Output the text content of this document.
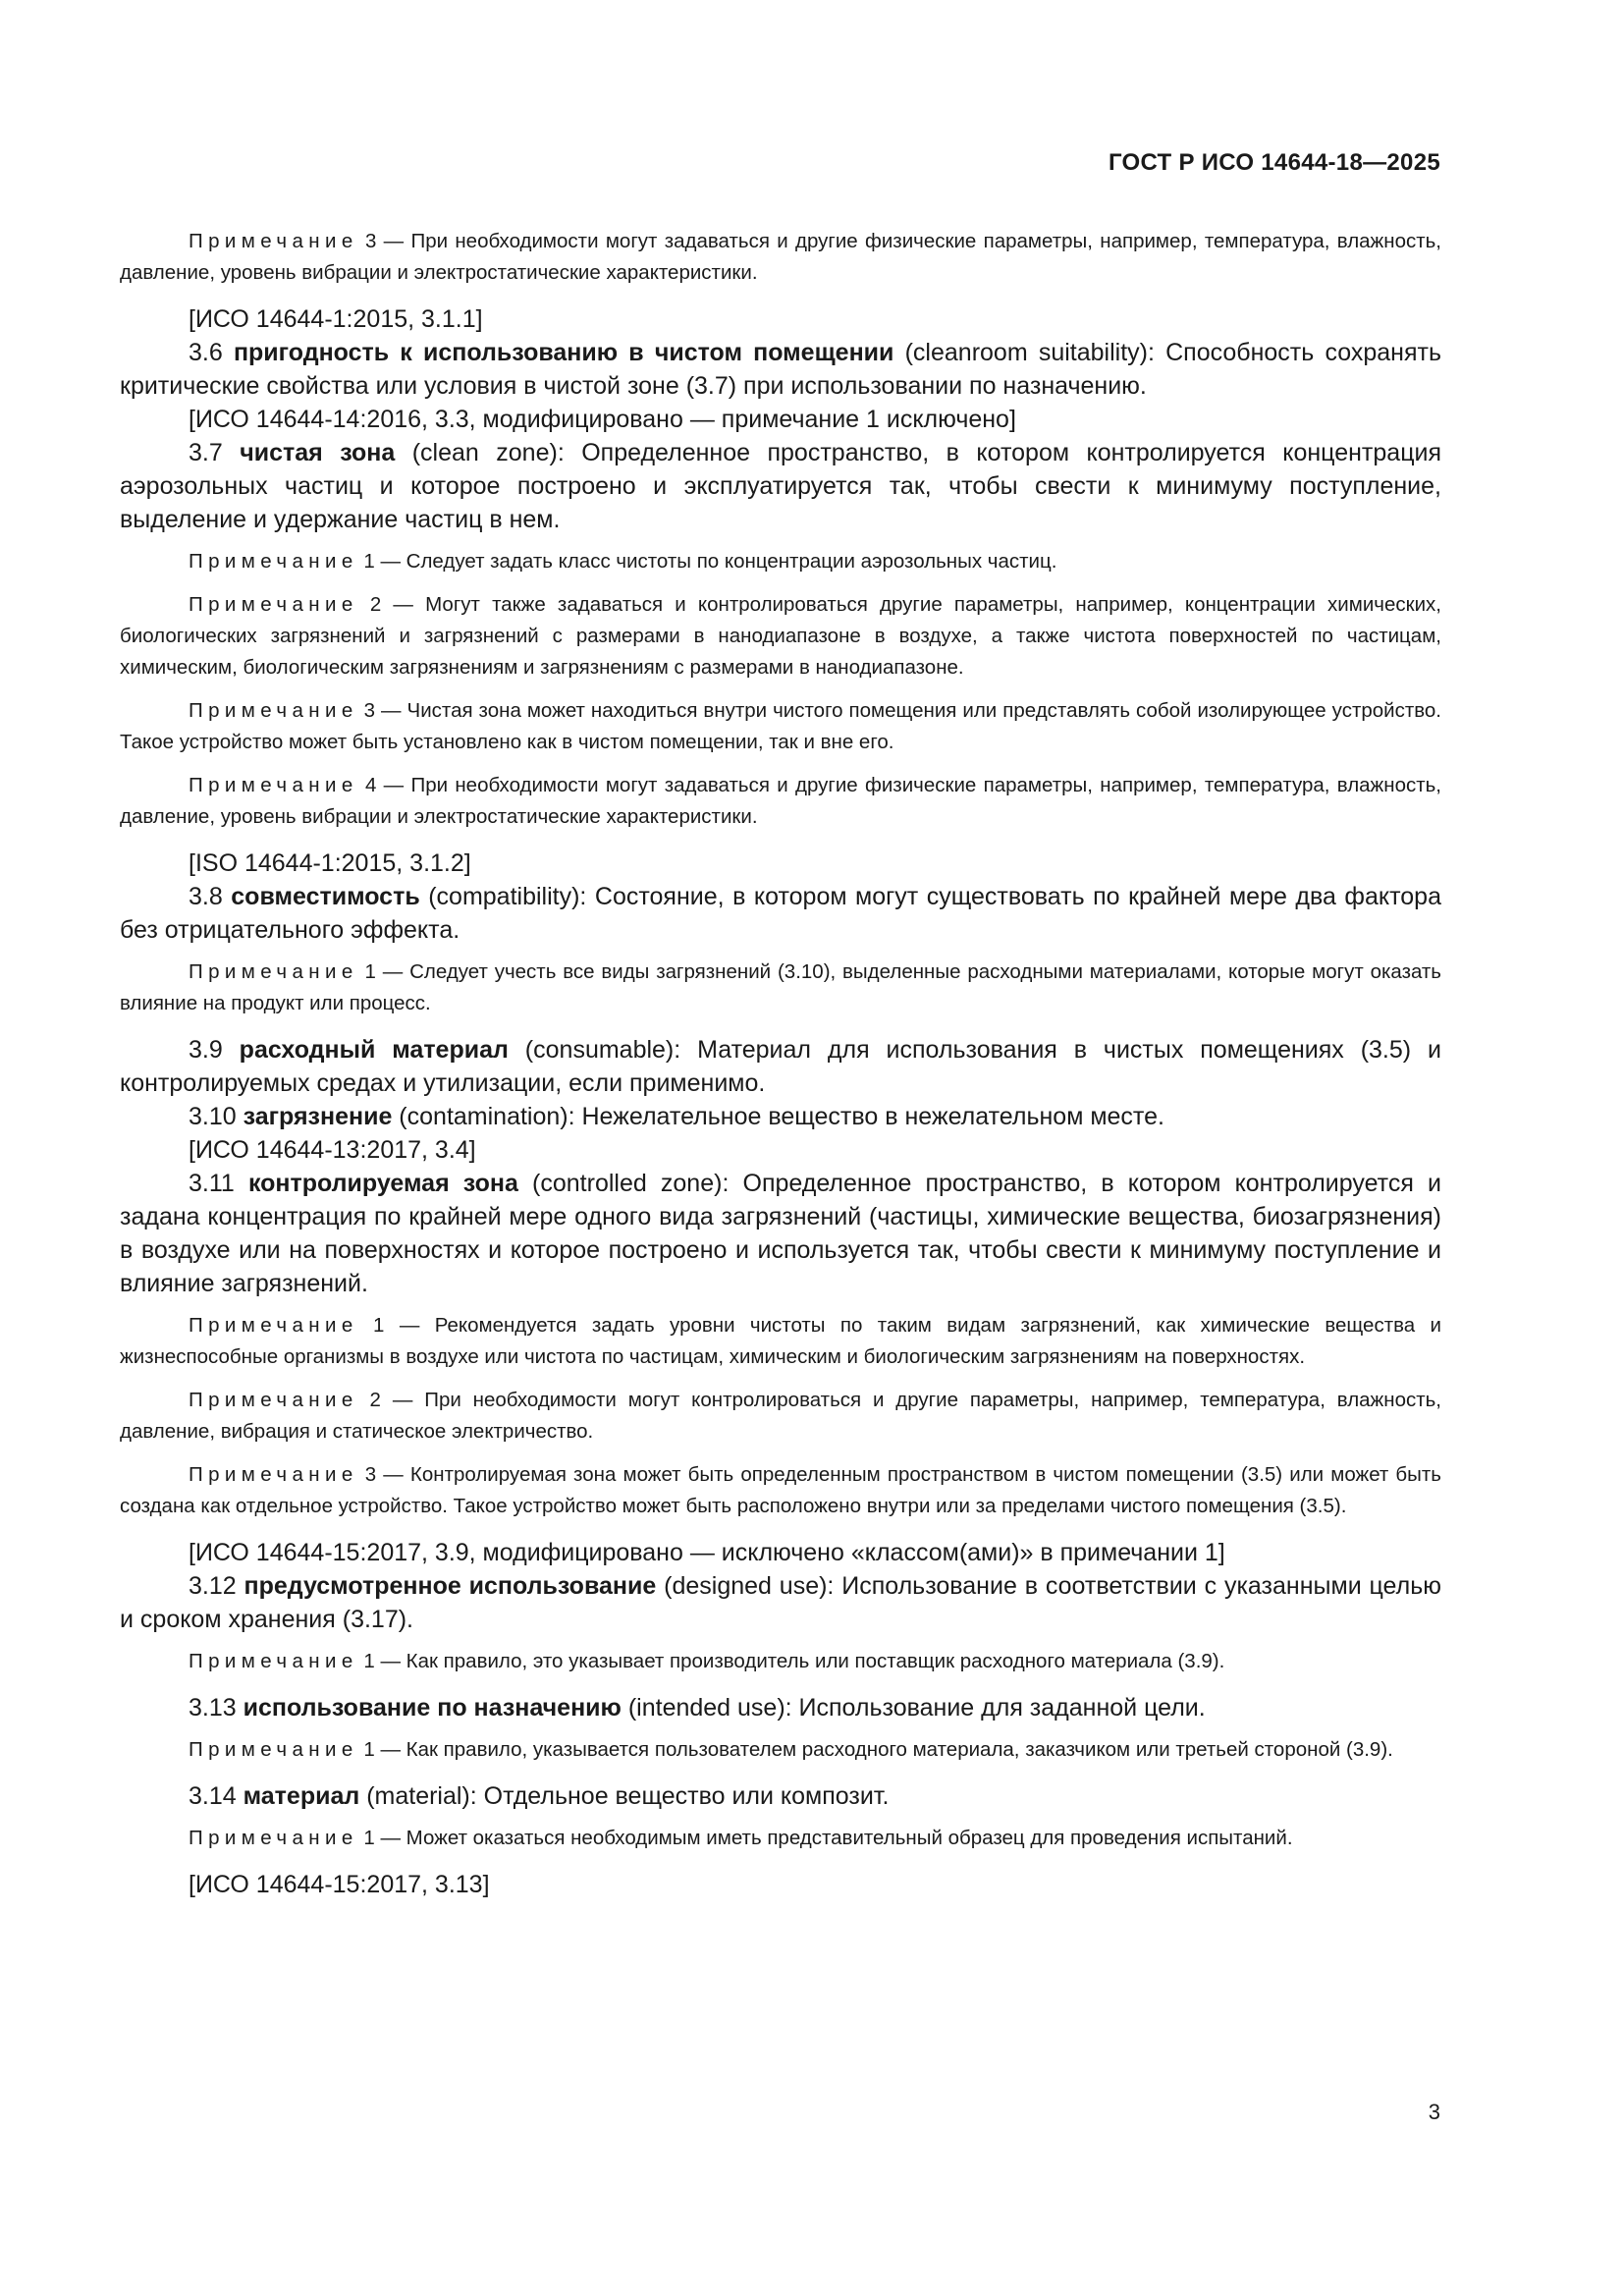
ГОСТ Р ИСО 14644-18—2025

Примечание 3 — При необходимости могут задаваться и другие физические параметры, например, температура, влажность, давление, уровень вибрации и электростатические характеристики.

[ИСО 14644-1:2015, 3.1.1]

3.6 пригодность к использованию в чистом помещении (cleanroom suitability): Способность сохранять критические свойства или условия в чистой зоне (3.7) при использовании по назначению.

[ИСО 14644-14:2016, 3.3, модифицировано — примечание 1 исключено]

3.7 чистая зона (clean zone): Определенное пространство, в котором контролируется концентрация аэрозольных частиц и которое построено и эксплуатируется так, чтобы свести к минимуму поступление, выделение и удержание частиц в нем.

Примечание 1 — Следует задать класс чистоты по концентрации аэрозольных частиц.

Примечание 2 — Могут также задаваться и контролироваться другие параметры, например, концентрации химических, биологических загрязнений и загрязнений с размерами в нанодиапазоне в воздухе, а также чистота поверхностей по частицам, химическим, биологическим загрязнениям и загрязнениям с размерами в нанодиапазоне.

Примечание 3 — Чистая зона может находиться внутри чистого помещения или представлять собой изолирующее устройство. Такое устройство может быть установлено как в чистом помещении, так и вне его.

Примечание 4 — При необходимости могут задаваться и другие физические параметры, например, температура, влажность, давление, уровень вибрации и электростатические характеристики.

[ISO 14644-1:2015, 3.1.2]

3.8 совместимость (compatibility): Состояние, в котором могут существовать по крайней мере два фактора без отрицательного эффекта.

Примечание 1 — Следует учесть все виды загрязнений (3.10), выделенные расходными материалами, которые могут оказать влияние на продукт или процесс.

3.9 расходный материал (consumable): Материал для использования в чистых помещениях (3.5) и контролируемых средах и утилизации, если применимо.

3.10 загрязнение (contamination): Нежелательное вещество в нежелательном месте.

[ИСО 14644-13:2017, 3.4]

3.11 контролируемая зона (controlled zone): Определенное пространство, в котором контролируется и задана концентрация по крайней мере одного вида загрязнений (частицы, химические вещества, биозагрязнения) в воздухе или на поверхностях и которое построено и используется так, чтобы свести к минимуму поступление и влияние загрязнений.

Примечание 1 — Рекомендуется задать уровни чистоты по таким видам загрязнений, как химические вещества и жизнеспособные организмы в воздухе или чистота по частицам, химическим и биологическим загрязнениям на поверхностях.

Примечание 2 — При необходимости могут контролироваться и другие параметры, например, температура, влажность, давление, вибрация и статическое электричество.

Примечание 3 — Контролируемая зона может быть определенным пространством в чистом помещении (3.5) или может быть создана как отдельное устройство. Такое устройство может быть расположено внутри или за пределами чистого помещения (3.5).

[ИСО 14644-15:2017, 3.9, модифицировано — исключено «классом(ами)» в примечании 1]

3.12 предусмотренное использование (designed use): Использование в соответствии с указанными целью и сроком хранения (3.17).

Примечание 1 — Как правило, это указывает производитель или поставщик расходного материала (3.9).

3.13 использование по назначению (intended use): Использование для заданной цели.

Примечание 1 — Как правило, указывается пользователем расходного материала, заказчиком или третьей стороной (3.9).

3.14 материал (material): Отдельное вещество или композит.

Примечание 1 — Может оказаться необходимым иметь представительный образец для проведения испытаний.

[ИСО 14644-15:2017, 3.13]

3
